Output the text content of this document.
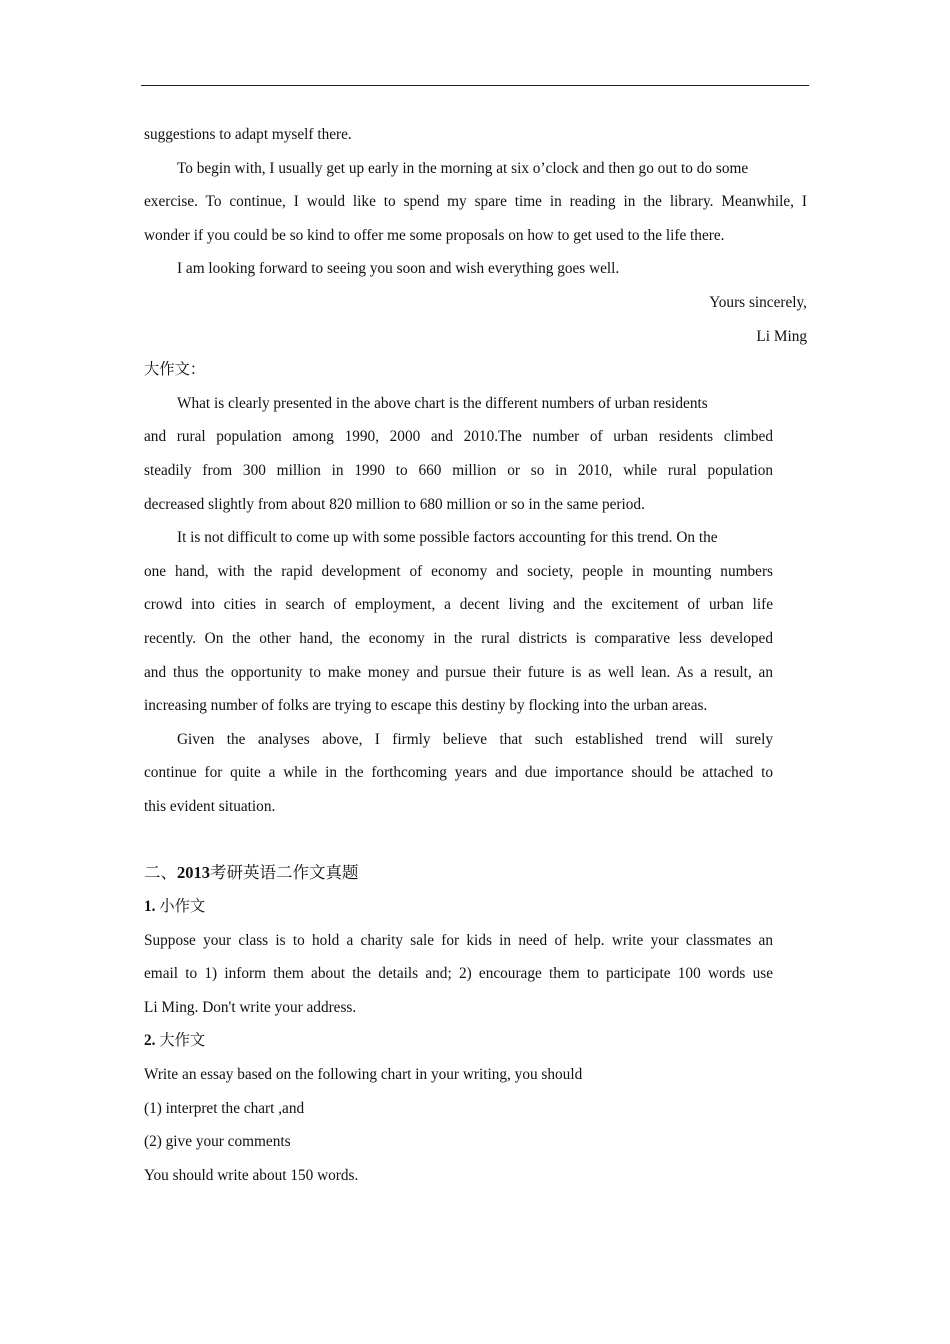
suggestions to adapt myself there.
To begin with, I usually get up early in the morning at six o’clock and then go out to do some
exercise. To continue, I would like to spend my spare time in reading in the library. Meanwhile, I
wonder if you could be so kind to offer me some proposals on how to get used to the life there.
I am looking forward to seeing you soon and wish everything goes well.
Yours sincerely,
Li Ming
大作文：
What is clearly presented in the above chart is the different numbers of urban residents
and rural population among 1990, 2000 and 2010.The number of urban residents climbed
steadily from 300 million in 1990 to 660 million or so in 2010, while rural population
decreased slightly from about 820 million to 680 million or so in the same period.
It is not difficult to come up with some possible factors accounting for this trend. On the
one hand, with the rapid development of economy and society, people in mounting numbers
crowd into cities in search of employment, a decent living and the excitement of urban life
recently. On the other hand, the economy in the rural districts is comparative less developed
and thus the opportunity to make money and pursue their future is as well lean. As a result, an
increasing number of folks are trying to escape this destiny by flocking into the urban areas.
Given the analyses above, I firmly believe that such established trend will surely
continue for quite a while in the forthcoming years and due importance should be attached to
this evident situation.
二、2013考研英语二作文真题
1. 小作文
Suppose your class is to hold a charity sale for kids in need of help. write your classmates an
email to 1) inform them about the details and; 2) encourage them to participate 100 words use
Li Ming. Don't write your address.
2. 大作文
Write an essay based on the following chart in your writing, you should
(1) interpret the chart ,and
(2) give your comments
You should write about 150 words.
